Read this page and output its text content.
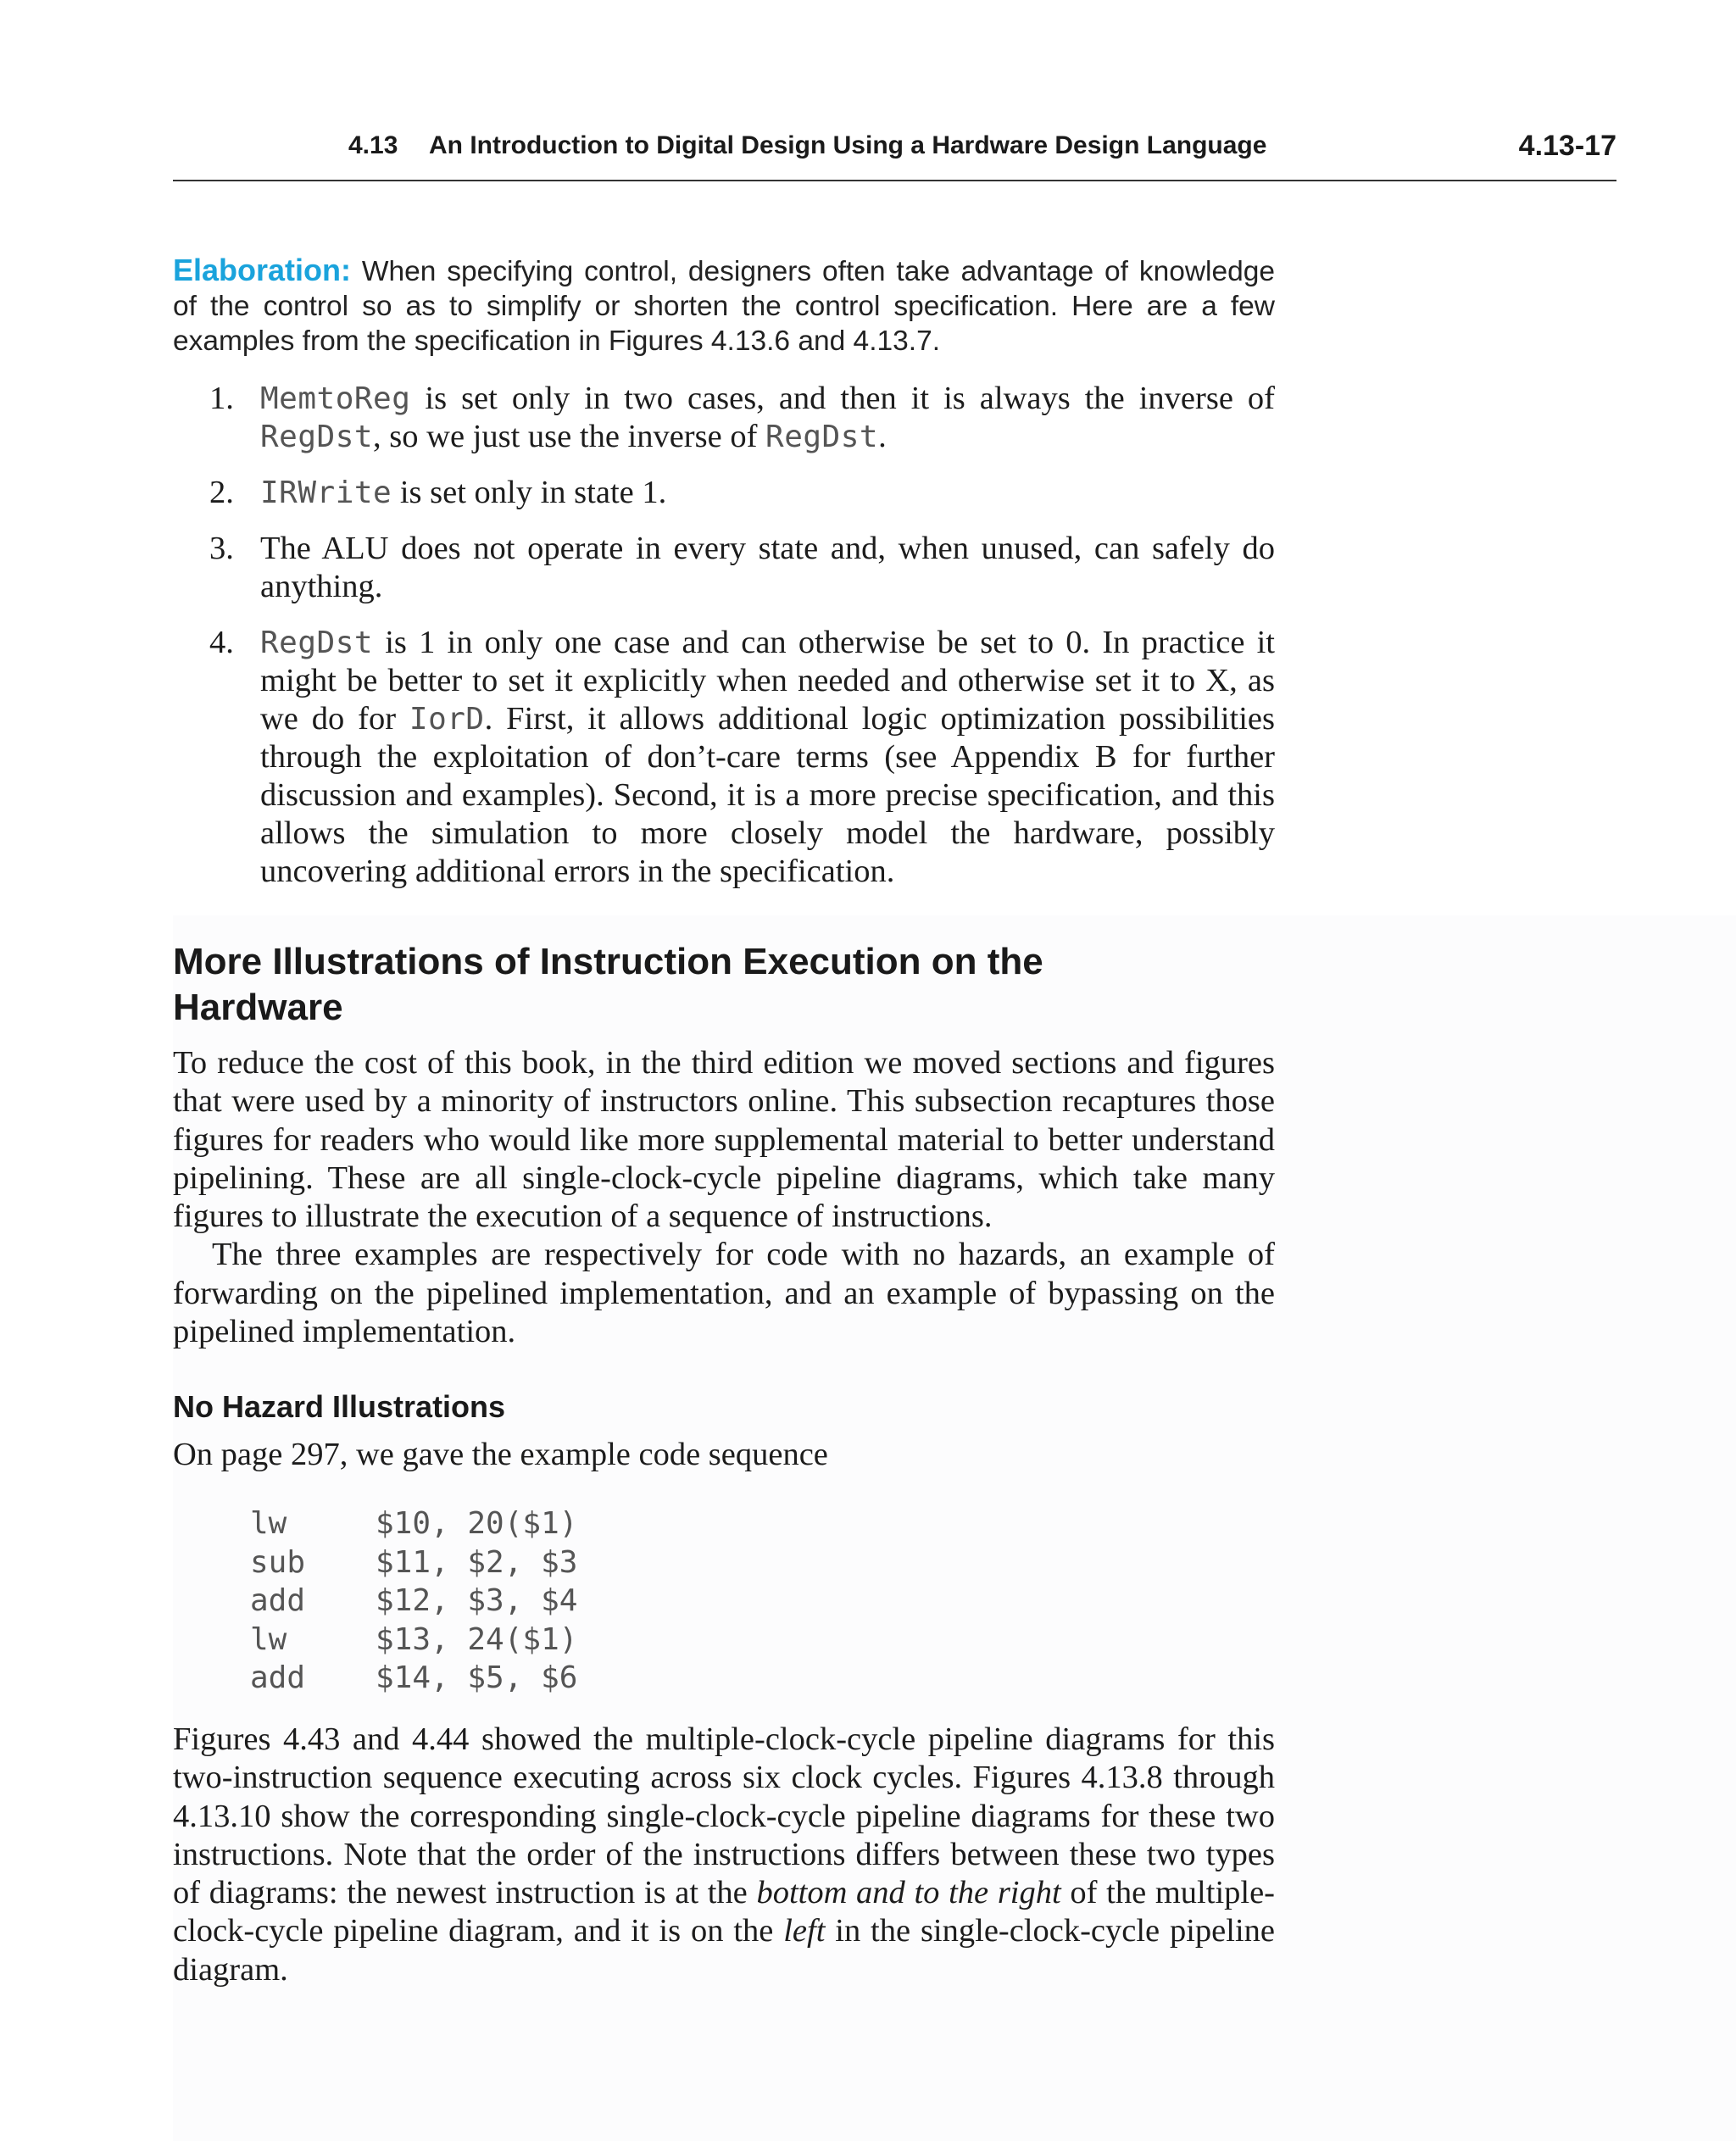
4.13 An Introduction to Digital Design Using a Hardware Design Language	4.13-17
Elaboration: When specifying control, designers often take advantage of knowledge of the control so as to simplify or shorten the control specification. Here are a few examples from the specification in Figures 4.13.6 and 4.13.7.
1. MemtoReg is set only in two cases, and then it is always the inverse of RegDst, so we just use the inverse of RegDst.
2. IRWrite is set only in state 1.
3. The ALU does not operate in every state and, when unused, can safely do anything.
4. RegDst is 1 in only one case and can otherwise be set to 0. In practice it might be better to set it explicitly when needed and otherwise set it to X, as we do for IorD. First, it allows additional logic optimization possibilities through the exploitation of don’t-care terms (see Appendix B for further discussion and examples). Second, it is a more precise specification, and this allows the simulation to more closely model the hardware, possibly uncovering additional errors in the specification.
More Illustrations of Instruction Execution on the Hardware
To reduce the cost of this book, in the third edition we moved sections and figures that were used by a minority of instructors online. This subsection recaptures those figures for readers who would like more supplemental material to better understand pipelining. These are all single-clock-cycle pipeline diagrams, which take many figures to illustrate the execution of a sequence of instructions.
The three examples are respectively for code with no hazards, an example of forwarding on the pipelined implementation, and an example of bypassing on the pipelined implementation.
No Hazard Illustrations
On page 297, we gave the example code sequence
lw	$10, 20($1)
sub $11, $2, $3
add $12, $3, $4
lw	$13, 24($1)
add $14, $5, $6
Figures 4.43 and 4.44 showed the multiple-clock-cycle pipeline diagrams for this two-instruction sequence executing across six clock cycles. Figures 4.13.8 through 4.13.10 show the corresponding single-clock-cycle pipeline diagrams for these two instructions. Note that the order of the instructions differs between these two types of diagrams: the newest instruction is at the bottom and to the right of the multiple-clock-cycle pipeline diagram, and it is on the left in the single-clock-cycle pipeline diagram.
